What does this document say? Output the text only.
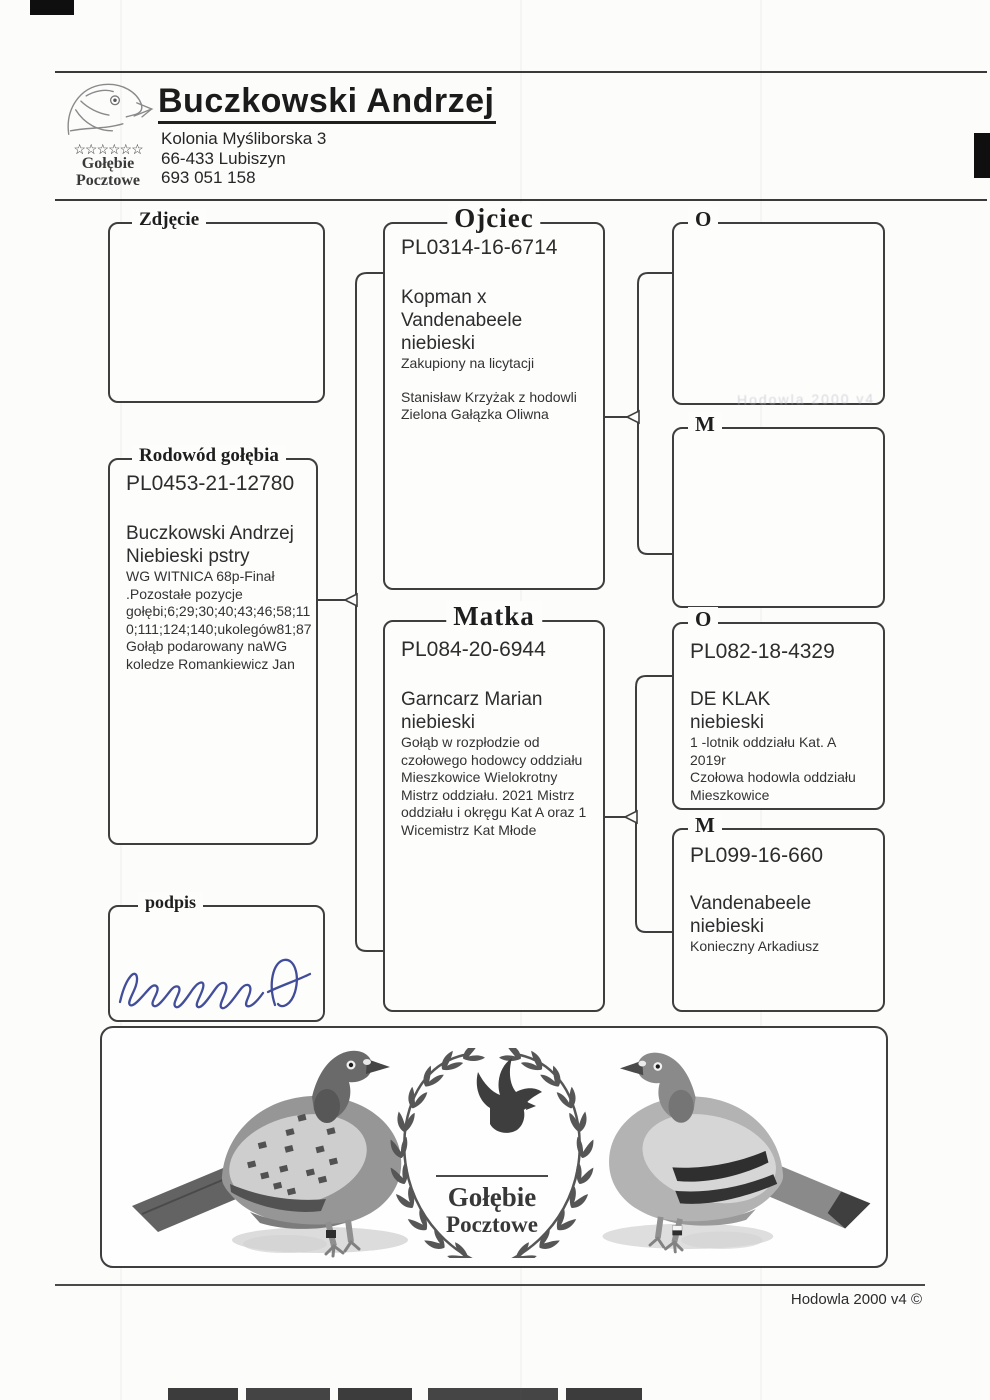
☆☆☆☆☆☆
Gołębie
Pocztowe
Buczkowski Andrzej
Kolonia Myśliborska 3
66-433 Lubiszyn
693 051 158
Zdjęcie
Rodowód gołębia
PL0453-21-12780
Buczkowski Andrzej
Niebieski pstry
WG WITNICA 68p-Finał
.Pozostałe pozycje
gołębi;6;29;30;40;43;46;58;11
0;111;124;140;ukolegów81;87
Gołąb podarowany naWG
koledze Romankiewicz Jan
Ojciec
PL0314-16-6714
Kopman x Vandenabeele
niebieski
Zakupiony na licytacji
Stanisław Krzyżak z hodowli
Zielona Gałązka Oliwna
Matka
PL084-20-6944
Garncarz Marian
niebieski
Gołąb w rozpłodzie od
czołowego hodowcy oddziału
Mieszkowice Wielokrotny
Mistrz oddziału. 2021 Mistrz
oddziału i okręgu Kat A oraz 1
Wicemistrz Kat Młode
O
M
O
PL082-18-4329
DE KLAK
niebieski
1 -lotnik oddziału Kat. A 2019r
Czołowa hodowla oddziału
Mieszkowice
M
PL099-16-660
Vandenabeele
niebieski
Konieczny Arkadiusz
podpis
Hodowla 2000 v4
Gołębie
Pocztowe
Hodowla 2000 v4 ©
